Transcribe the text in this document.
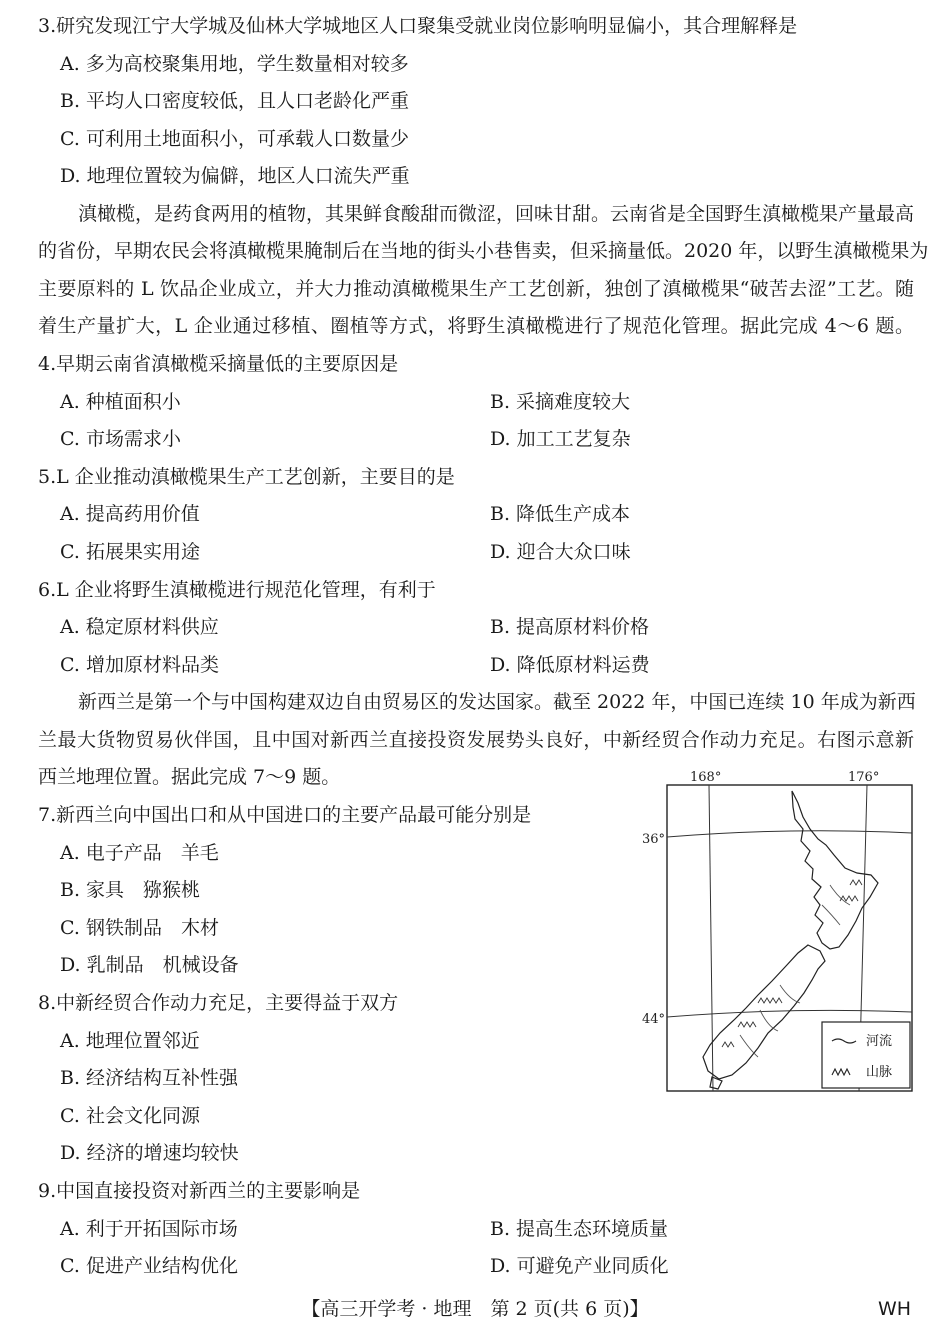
3.研究发现江宁大学城及仙林大学城地区人口聚集受就业岗位影响明显偏小，其合理解释是
A. 多为高校聚集用地，学生数量相对较多
B. 平均人口密度较低，且人口老龄化严重
C. 可利用土地面积小，可承载人口数量少
D. 地理位置较为偏僻，地区人口流失严重
滇橄榄，是药食两用的植物，其果鲜食酸甜而微涩，回味甘甜。云南省是全国野生滇橄榄果产量最高
的省份，早期农民会将滇橄榄果腌制后在当地的街头小巷售卖，但采摘量低。2020 年，以野生滇橄榄果为
主要原料的 L 饮品企业成立，并大力推动滇橄榄果生产工艺创新，独创了滇橄榄果“破苦去涩”工艺。随
着生产量扩大，L 企业通过移植、圈植等方式，将野生滇橄榄进行了规范化管理。据此完成 4～6 题。
4.早期云南省滇橄榄采摘量低的主要原因是
A. 种植面积小	B. 采摘难度较大
C. 市场需求小	D. 加工工艺复杂
5.L 企业推动滇橄榄果生产工艺创新，主要目的是
A. 提高药用价值	B. 降低生产成本
C. 拓展果实用途	D. 迎合大众口味
6.L 企业将野生滇橄榄进行规范化管理，有利于
A. 稳定原材料供应	B. 提高原材料价格
C. 增加原材料品类	D. 降低原材料运费
新西兰是第一个与中国构建双边自由贸易区的发达国家。截至 2022 年，中国已连续 10 年成为新西
兰最大货物贸易伙伴国，且中国对新西兰直接投资发展势头良好，中新经贸合作动力充足。右图示意新
西兰地理位置。据此完成 7～9 题。
7.新西兰向中国出口和从中国进口的主要产品最可能分别是
A. 电子产品　羊毛
B. 家具　猕猴桃
C. 钢铁制品　木材
D. 乳制品　机械设备
8.中新经贸合作动力充足，主要得益于双方
A. 地理位置邻近
B. 经济结构互补性强
C. 社会文化同源
D. 经济的增速均较快
9.中国直接投资对新西兰的主要影响是
A. 利于开拓国际市场	B. 提高生态环境质量
C. 促进产业结构优化	D. 可避免产业同质化
168°	176°
36°
44°
河流
山脉
【高三开学考 · 地理　第 2 页(共 6 页)】	WH
